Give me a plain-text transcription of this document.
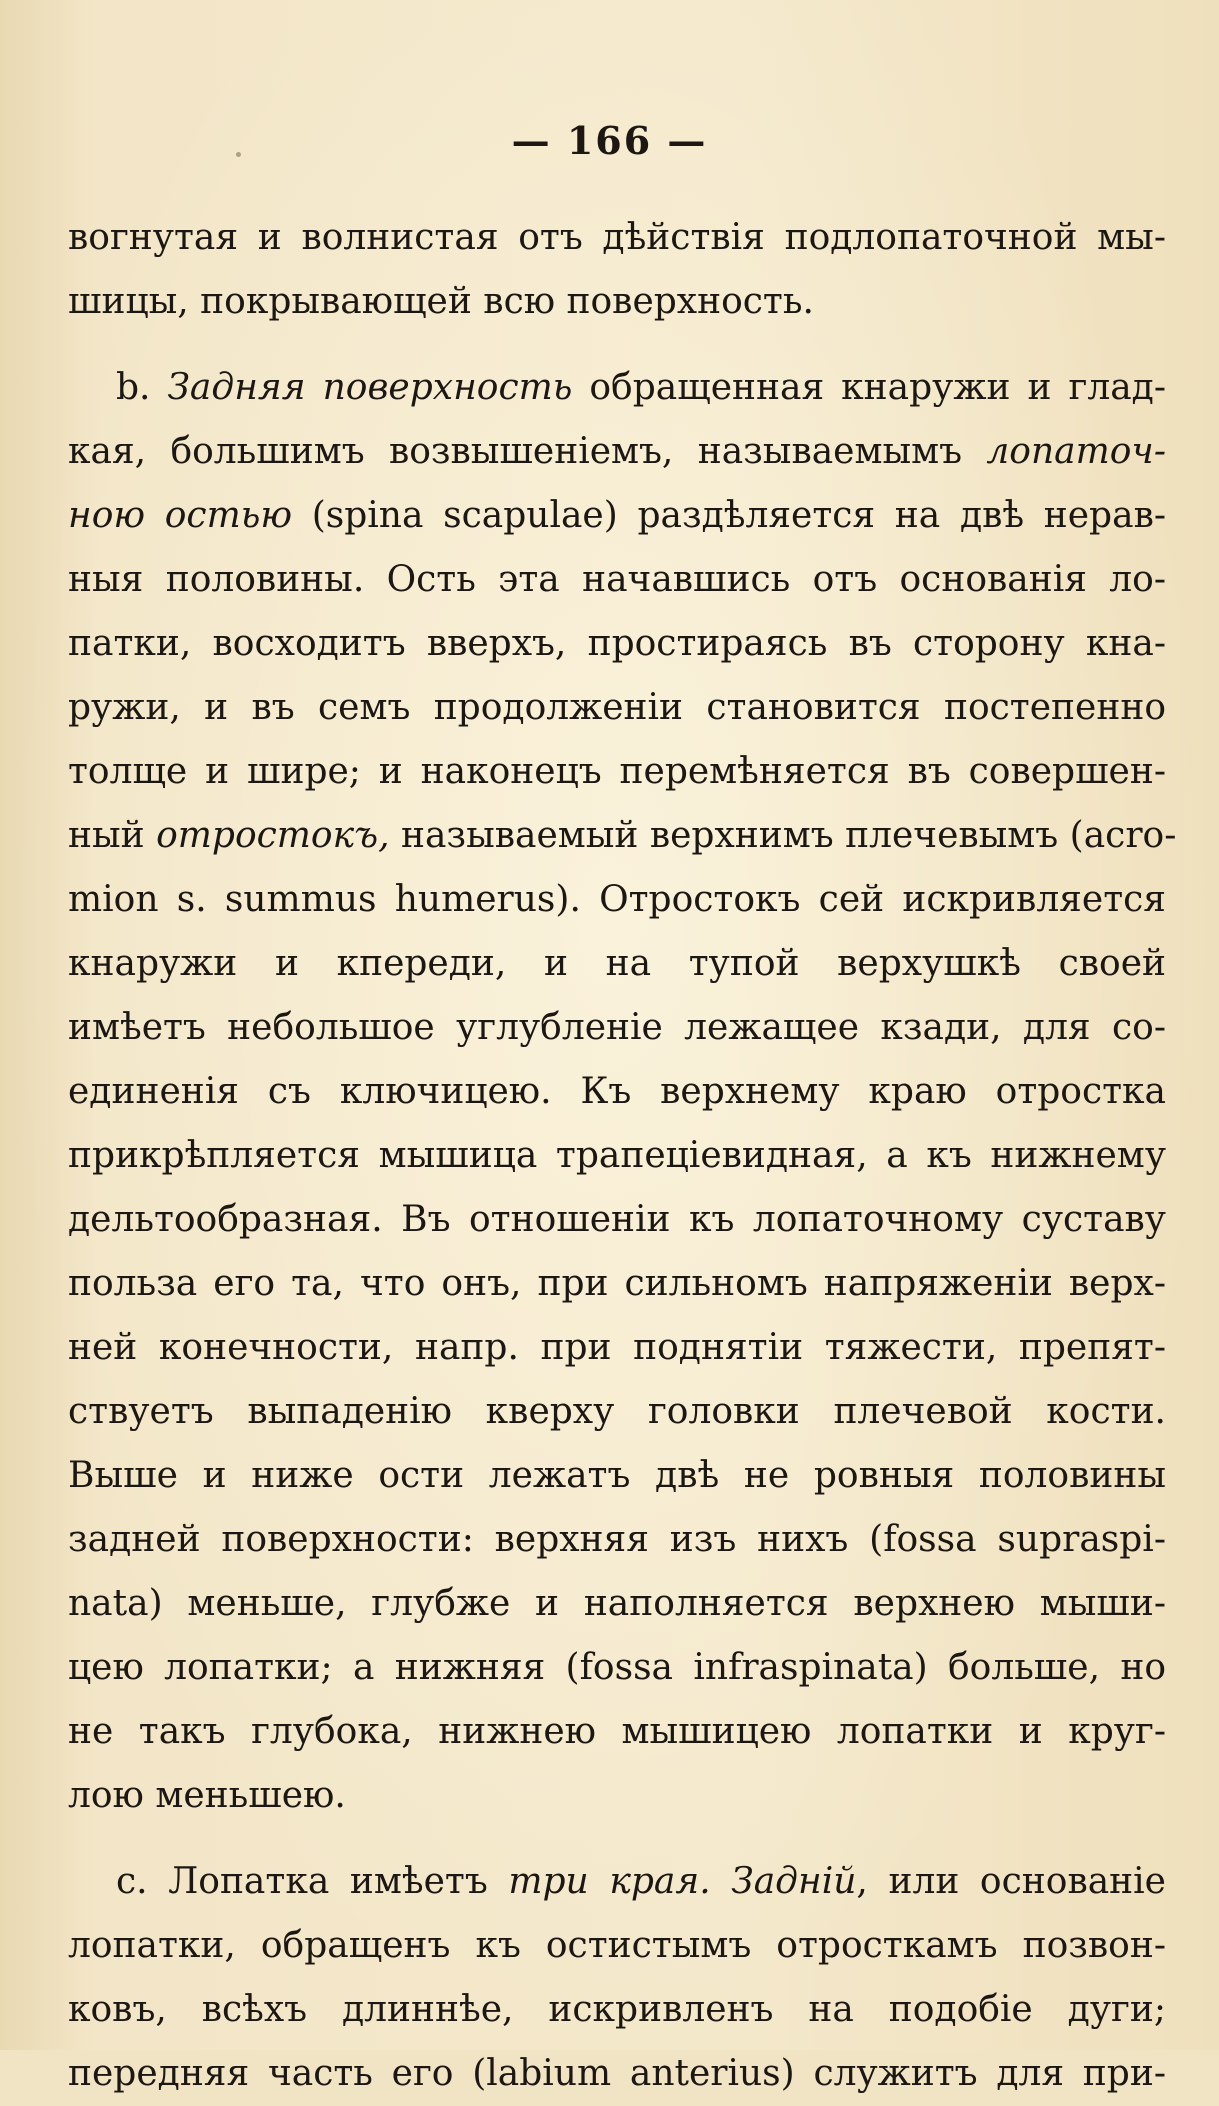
— 166 —
вогнутая и волнистая отъ дѣйствія подлопаточной мы-
шицы, покрывающей всю поверхность.
b. Задняя поверхность обращенная кнаружи и глад-
кая, большимъ возвышеніемъ, называемымъ лопаточ-
ною остью (spina scapulae) раздѣляется на двѣ нерав-
ныя половины. Ость эта начавшись отъ основанія лo-
патки, восходитъ вверхъ, простираясь въ сторону кна-
ружи, и въ семъ продолженіи становится постепенно
толще и шире; и наконецъ перемѣняется въ совершен-
ный отростокъ, называемый верхнимъ плечевымъ (acro-
mion s. summus humerus). Отростокъ сей искривляется
кнаружи и кпереди, и на тупой верхушкѣ своей
имѣетъ небольшое углубленіе лежащее кзади, для со-
единенія съ ключицею. Къ верхнему краю отростка
прикрѣпляется мышица трапеціевидная, а къ нижнему
дельтообразная. Въ отношеніи къ лопаточному суставу
польза его та, что онъ, при сильномъ напряженіи верх-
ней конечности, напр. при поднятіи тяжести, препят-
ствуетъ выпаденію кверху головки плечевой кости.
Выше и ниже ости лежатъ двѣ не ровныя половины
задней поверхности: верхняя изъ нихъ (fossa supraspi-
nata) меньше, глубже и наполняется верхнею мыши-
цею лопатки; а нижняя (fossa infraspinata) больше, но
не такъ глубока, нижнею мышицею лопатки и круг-
лою меньшею.
c. Лопатка имѣетъ три края. Задній, или основаніе
лопатки, обращенъ къ остистымъ отросткамъ позвон-
ковъ, всѣхъ длиннѣе, искривленъ на подобіе дуги;
передняя часть его (labium anterius) служитъ для при-
